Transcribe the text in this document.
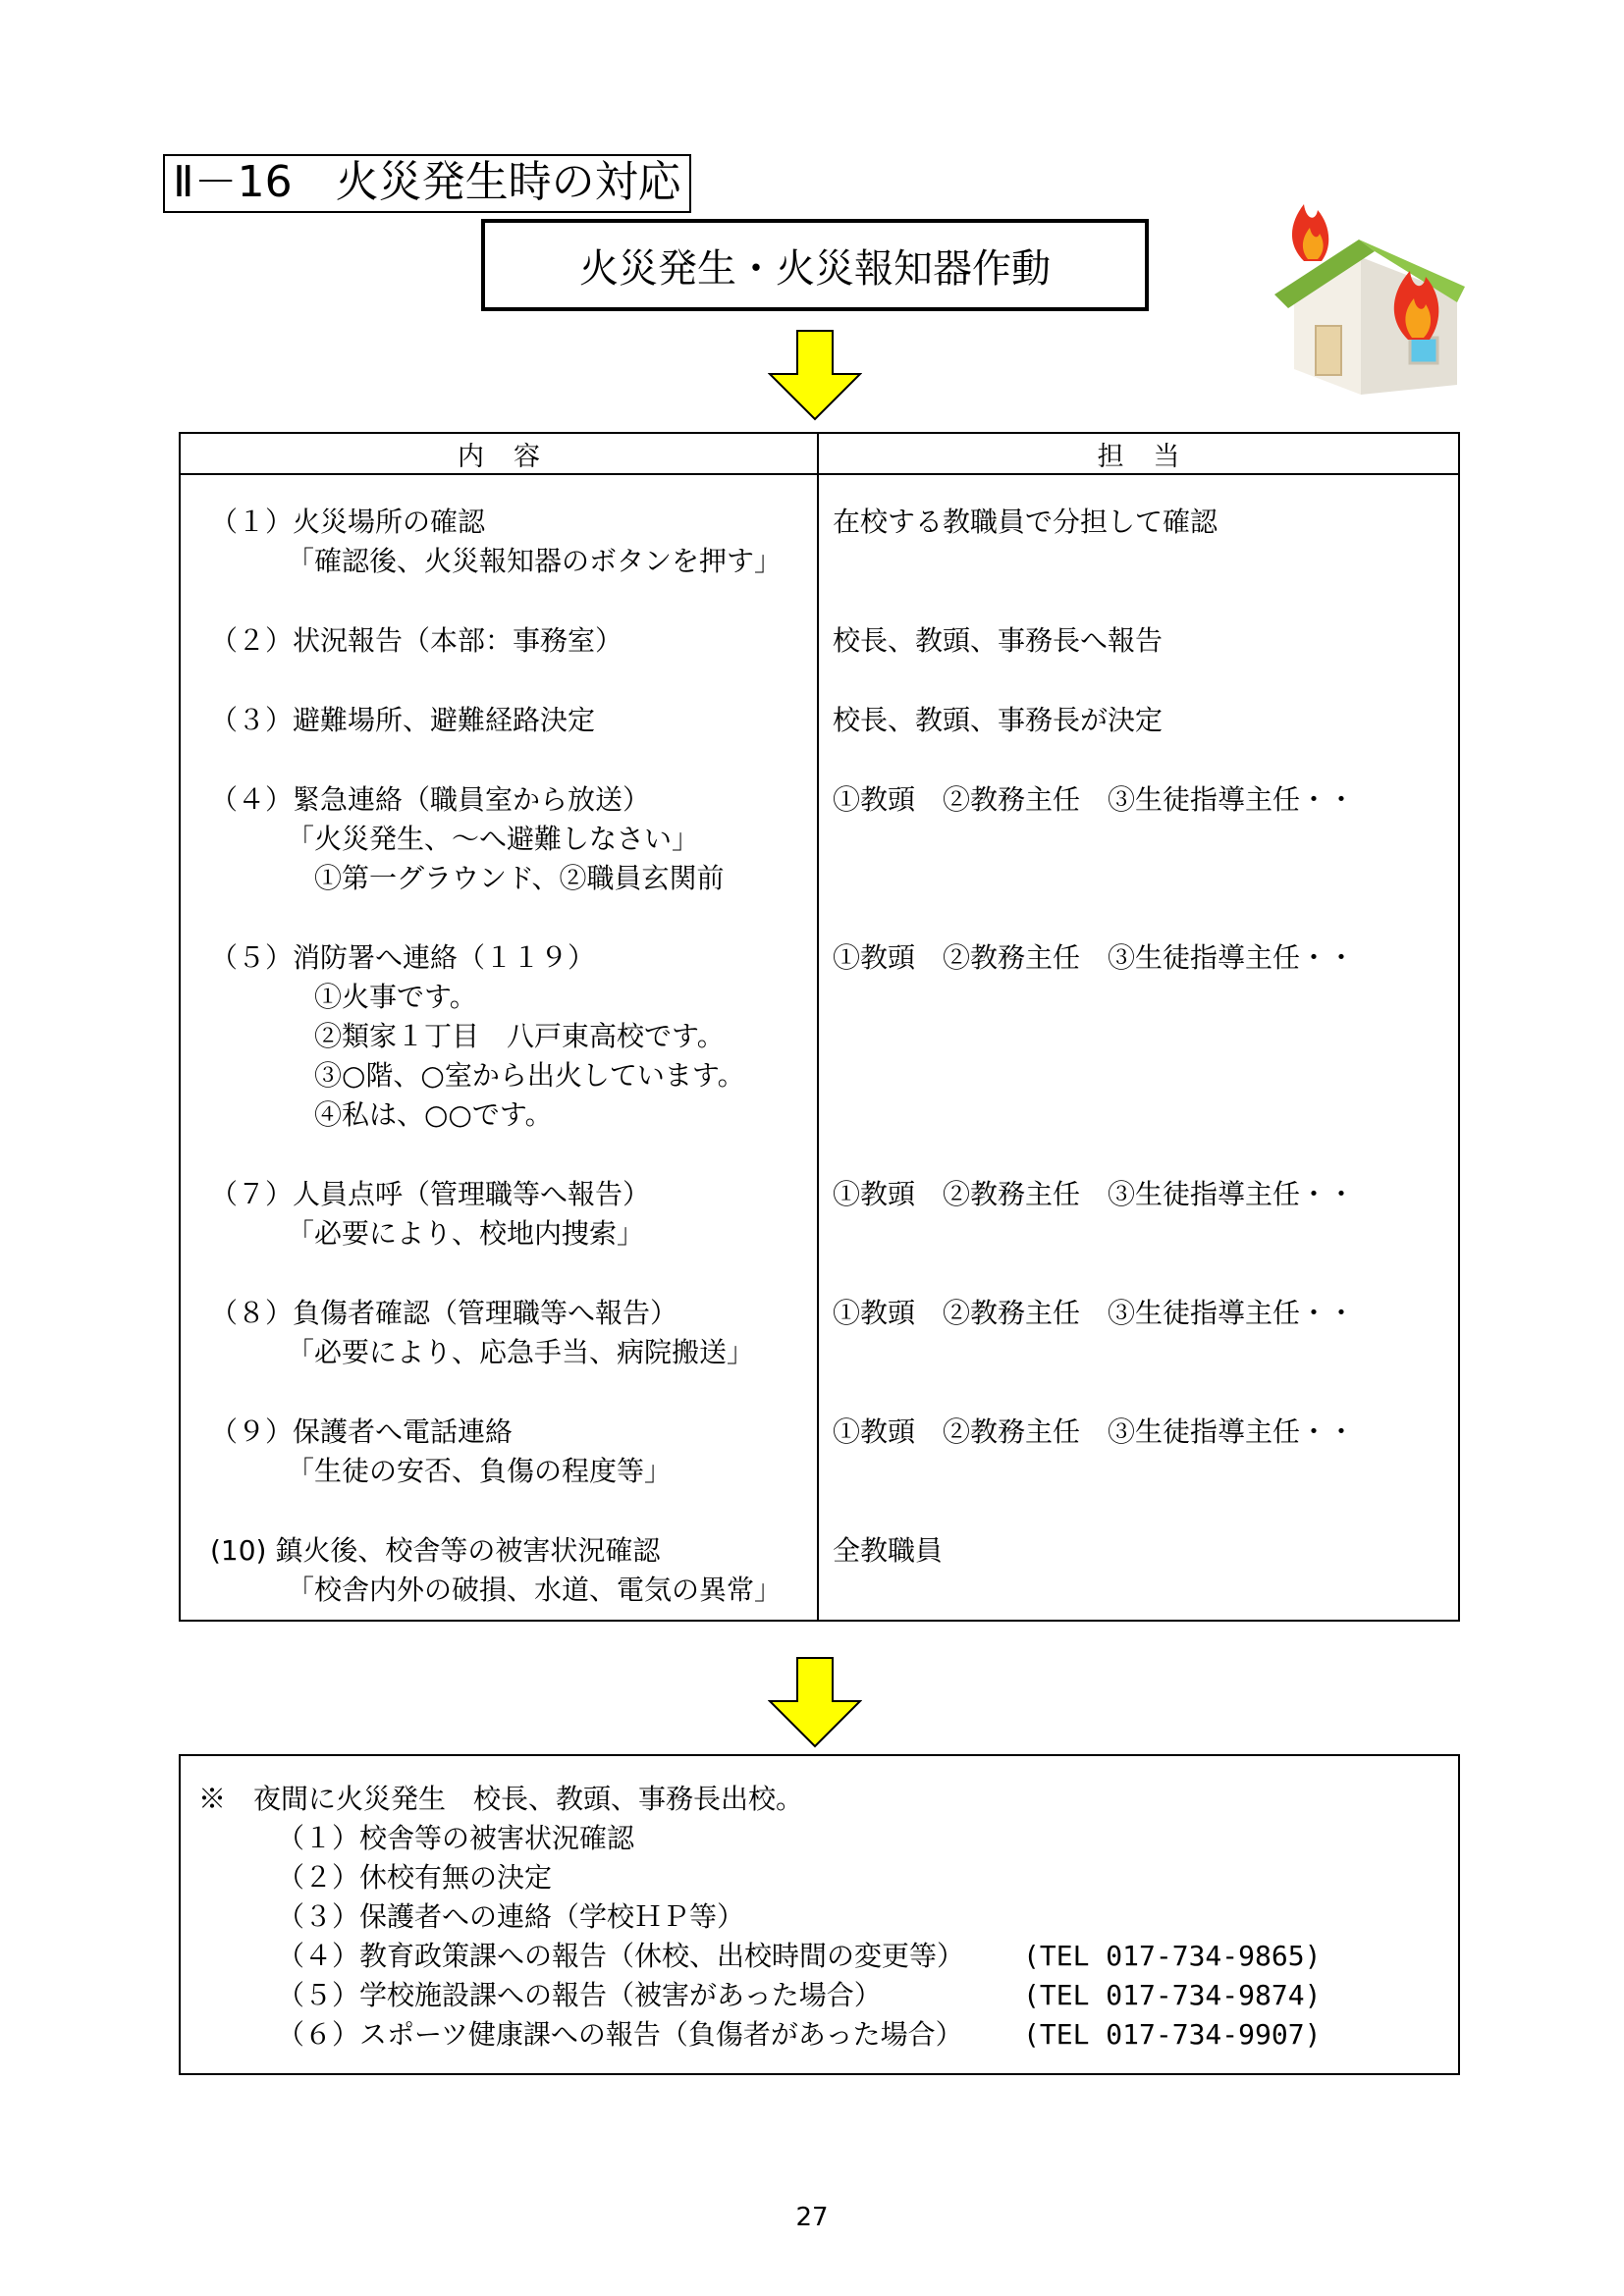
Ⅱ－16　火災発生時の対応
火災発生・火災報知器作動
内容	担当
（１）火災場所の確認
「確認後、火災報知器のボタンを押す」
（２）状況報告（本部：事務室）
（３）避難場所、避難経路決定
（４）緊急連絡（職員室から放送）
「火災発生、～へ避難しなさい」
①第一グラウンド、②職員玄関前
（５）消防署へ連絡（１１９）
①火事です。
②類家１丁目　八戸東高校です。
③○階、○室から出火しています。
④私は、○○です。
（７）人員点呼（管理職等へ報告）
「必要により、校地内捜索」
（８）負傷者確認（管理職等へ報告）
「必要により、応急手当、病院搬送」
（９）保護者へ電話連絡
「生徒の安否、負傷の程度等」
(10) 鎮火後、校舎等の被害状況確認
「校舎内外の破損、水道、電気の異常」
在校する教職員で分担して確認
校長、教頭、事務長へ報告
校長、教頭、事務長が決定
①教頭　②教務主任　③生徒指導主任・・
①教頭　②教務主任　③生徒指導主任・・
①教頭　②教務主任　③生徒指導主任・・
①教頭　②教務主任　③生徒指導主任・・
①教頭　②教務主任　③生徒指導主任・・
全教職員
※　夜間に火災発生　校長、教頭、事務長出校。
（１）校舎等の被害状況確認
（２）休校有無の決定
（３）保護者への連絡（学校ＨＰ等）
（４）教育政策課への報告（休校、出校時間の変更等） (TEL 017-734-9865)
（５）学校施設課への報告（被害があった場合）	(TEL 017-734-9874)
（６）スポーツ健康課への報告（負傷者があった場合） (TEL 017-734-9907)
27
